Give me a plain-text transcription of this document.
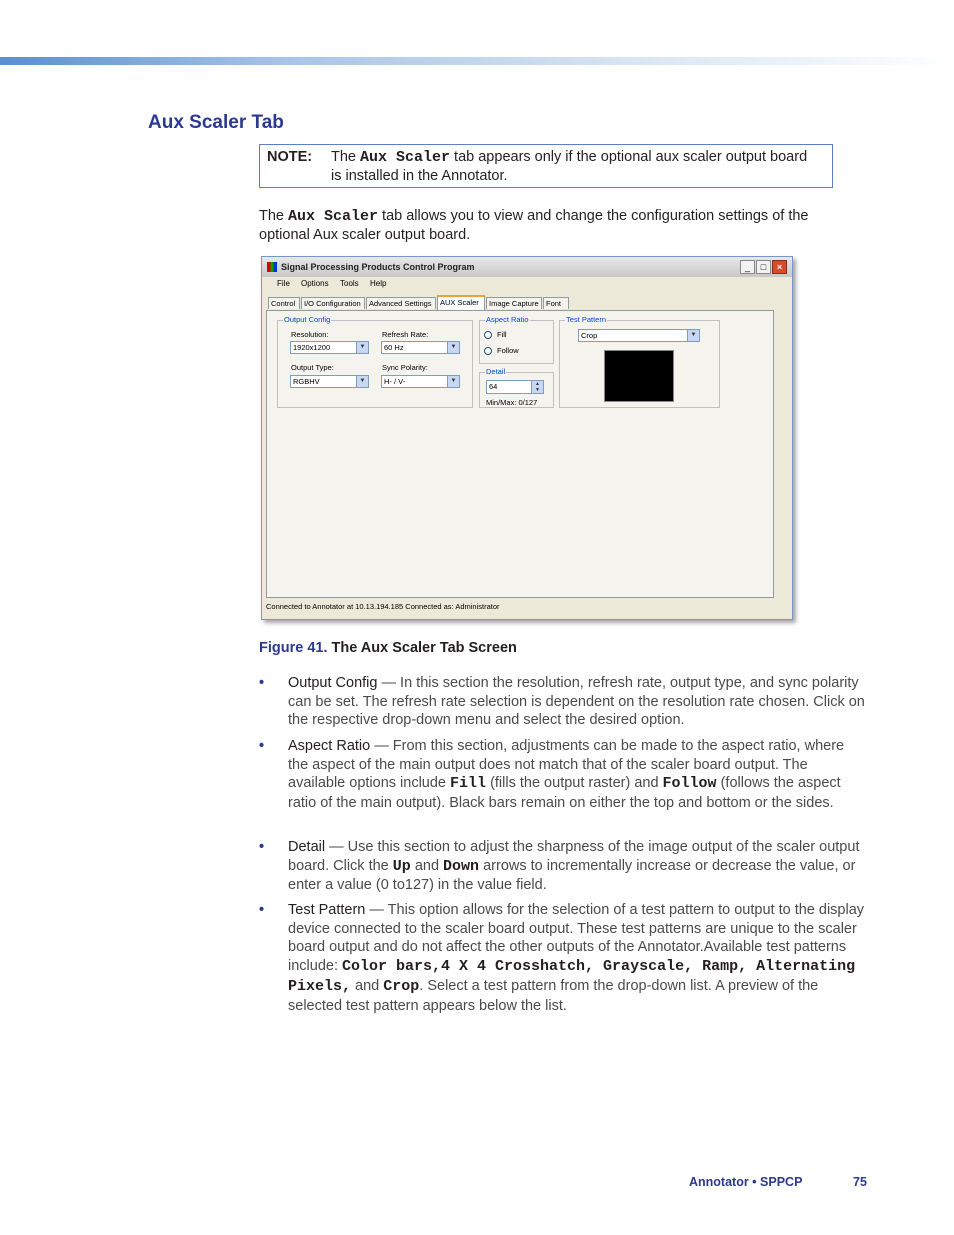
Aux Scaler Tab
NOTE: The Aux Scaler tab appears only if the optional aux scaler output board is installed in the Annotator.

The Aux Scaler tab allows you to view and change the configuration settings of the optional Aux scaler output board.

Signal Processing Products Control Program	_	□	×
File Options Tools Help
Control	I/O Configuration	Advanced Settings	AUX Scaler	Image Capture Font
Output Config
Resolution:
1920x1200	▼
Refresh Rate:
60 Hz	▼
Output Type:
RGBHV	▼
Sync Polarity:
H- / V-	▼
Aspect Ratio
Fill
Follow
Detail
64	▲
▼
Min/Max: 0/127
Test Pattern
Crop	▼
Connected to Annotator at 10.13.194.185 Connected as: Administrator

Figure 41. The Aux Scaler Tab Screen

• Output Config — In this section the resolution, refresh rate, output type, and sync polarity can be set. The refresh rate selection is dependent on the resolution rate chosen. Click on the respective drop-down menu and select the desired option.
• Aspect Ratio — From this section, adjustments can be made to the aspect ratio, where the aspect of the main output does not match that of the scaler board output. The available options include Fill (fills the output raster) and Follow (follows the aspect ratio of the main output). Black bars remain on either the top and bottom or the sides.
• Detail — Use this section to adjust the sharpness of the image output of the scaler output board. Click the Up and Down arrows to incrementally increase or decrease the value, or enter a value (0 to127) in the value field.
• Test Pattern — This option allows for the selection of a test pattern to output to the display device connected to the scaler board output. These test patterns are unique to the scaler board output and do not affect the other outputs of the Annotator.Available test patterns include: Color bars,4 X 4 Crosshatch, Grayscale, Ramp, Alternating Pixels, and Crop. Select a test pattern from the drop-down list. A preview of the selected test pattern appears below the list.
Annotator • SPPCP	75
